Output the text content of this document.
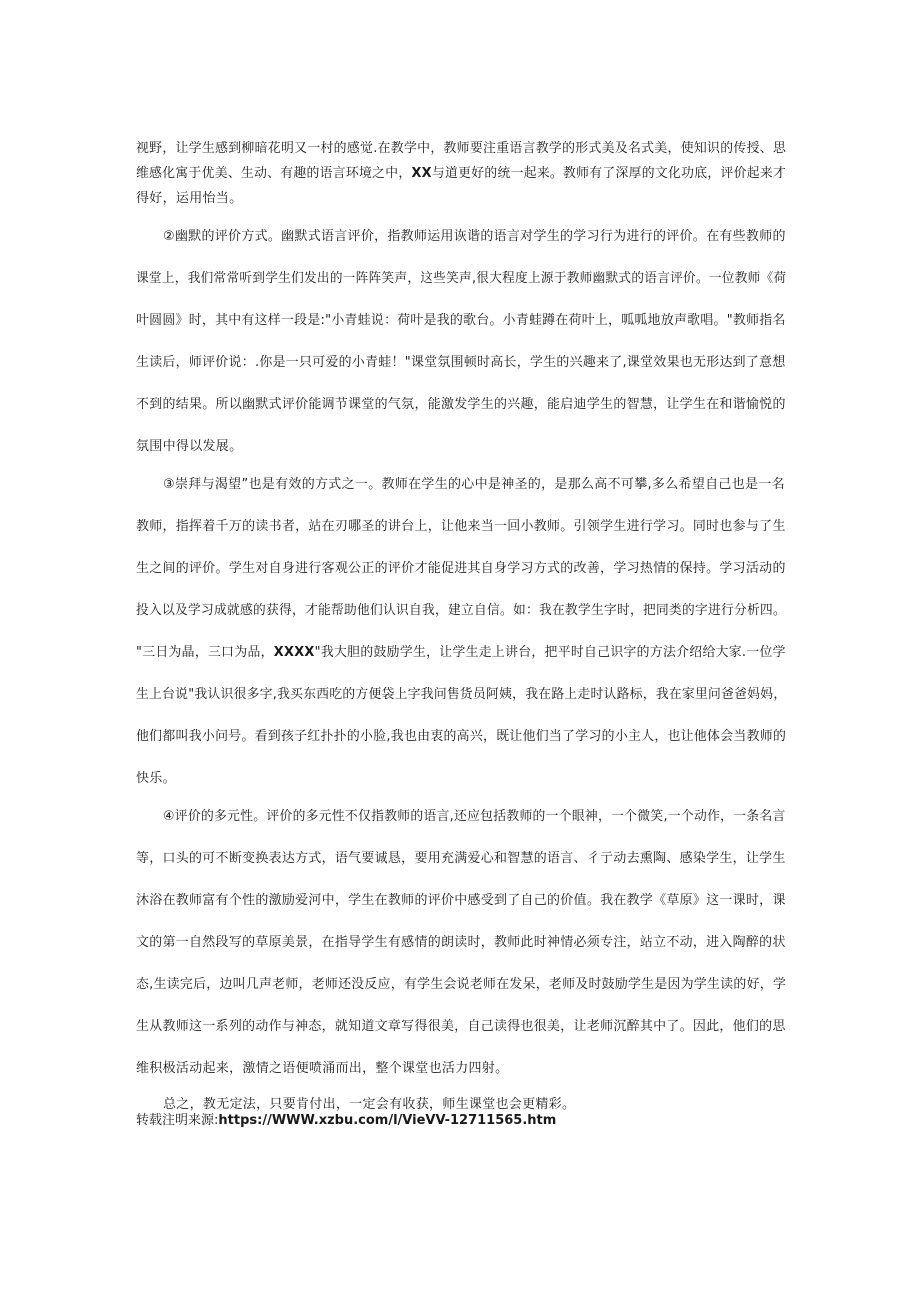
视野，让学生感到柳暗花明又一村的感觉.在教学中，教师要注重语言教学的形式美及名式美，使知识的传授、思
维感化寓于优美、生动、有趣的语言环境之中，XX与道更好的统一起来。教师有了深厚的文化功底，评价起来才
得好，运用怡当。
②幽默的评价方式。幽默式语言评价，指教师运用诙谐的语言对学生的学习行为进行的评价。在有些教师的
课堂上，我们常常听到学生们发出的一阵阵笑声，这些笑声,很大程度上源于教师幽默式的语言评价。一位教师《荷
叶圆圆》时，其中有这样一段是:"小青蛙说：荷叶是我的歌台。小青蛙蹲在荷叶上，呱呱地放声歌唱。"教师指名
生读后，师评价说：.你是一只可爱的小青蛙！"课堂氛围顿时高长，学生的兴趣来了,课堂效果也无形达到了意想
不到的结果。所以幽默式评价能调节课堂的气氛，能激发学生的兴趣，能启迪学生的智慧，让学生在和谐愉悦的
氛围中得以发展。
③崇拜与渴望”也是有效的方式之一。教师在学生的心中是神圣的，是那么高不可攀,多么希望自己也是一名
教师，指挥着千万的读书者，站在刃哪圣的讲台上，让他来当一回小教师。引领学生进行学习。同时也参与了生
生之间的评价。学生对自身进行客观公正的评价才能促进其自身学习方式的改善，学习热情的保持。学习活动的
投入以及学习成就感的获得，才能帮助他们认识自我，建立自信。如：我在教学生字时，把同类的字进行分析四。
"三日为晶，三口为品，XXXX"我大胆的鼓励学生，让学生走上讲台，把平时自己识字的方法介绍给大家.一位学
生上台说"我认识很多字,我买东西吃的方便袋上字我问售货员阿姨，我在路上走时认路标，我在家里问爸爸妈妈，
他们都叫我小问号。看到孩子红扑扑的小脸,我也由衷的高兴，既让他们当了学习的小主人，也让他体会当教师的
快乐。
④评价的多元性。评价的多元性不仅指教师的语言,还应包括教师的一个眼神，一个微笑,一个动作，一条名言
等，口头的可不断变换表达方式，语气要诚恳，要用充满爱心和智慧的语言、彳亍动去熏陶、感染学生，让学生
沐浴在教师富有个性的激励爱河中，学生在教师的评价中感受到了自己的价值。我在教学《草原》这一课时，课
文的第一自然段写的草原美景，在指导学生有感情的朗读时，教师此时神情必须专注，站立不动，进入陶醉的状
态,生读完后，边叫几声老师，老师还没反应，有学生会说老师在发呆，老师及时鼓励学生是因为学生读的好，学
生从教师这一系列的动作与神态，就知道文章写得很美，自己读得也很美，让老师沉醉其中了。因此，他们的思
维积极活动起来，激情之语便喷涌而出，整个课堂也活力四射。
总之，教无定法，只要肯付出，一定会有收获，师生课堂也会更精彩。
转载注明来源:https://WWW.xzbu.com/l/VieVV-12711565.htm
